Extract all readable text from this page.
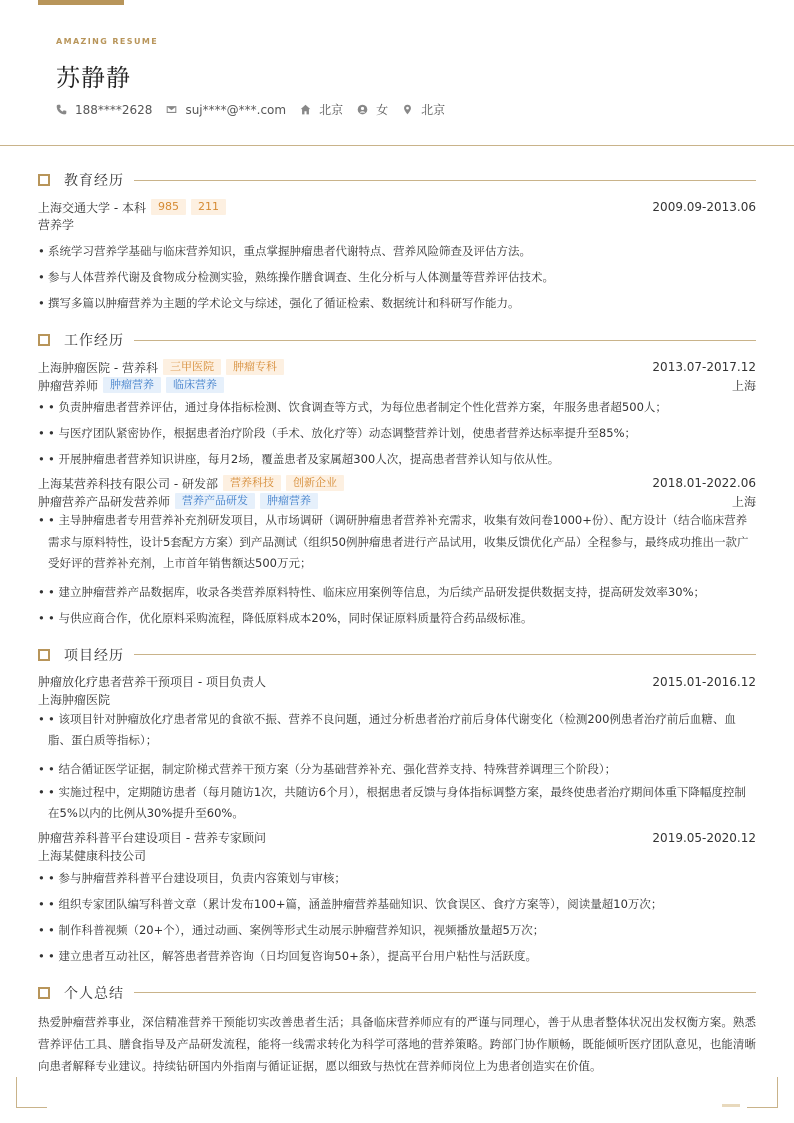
AMAZING RESUME
苏静静
188****2628	suj****@***.com	北京	女	北京
教育经历
上海交通大学 - 本科	985	211	2009.09-2013.06
营养学
• 系统学习营养学基础与临床营养知识，重点掌握肿瘤患者代谢特点、营养风险筛查及评估方法。
• 参与人体营养代谢及食物成分检测实验，熟练操作膳食调查、生化分析与人体测量等营养评估技术。
• 撰写多篇以肿瘤营养为主题的学术论文与综述，强化了循证检索、数据统计和科研写作能力。
工作经历
上海肿瘤医院 - 营养科	三甲医院	肿瘤专科	2013.07-2017.12
肿瘤营养师	肿瘤营养	临床营养	上海
• • 负责肿瘤患者营养评估，通过身体指标检测、饮食调查等方式，为每位患者制定个性化营养方案，年服务患者超500人；
• • 与医疗团队紧密协作，根据患者治疗阶段（手术、放化疗等）动态调整营养计划，使患者营养达标率提升至85%；
• • 开展肿瘤患者营养知识讲座，每月2场，覆盖患者及家属超300人次，提高患者营养认知与依从性。
上海某营养科技有限公司 - 研发部	营养科技	创新企业	2018.01-2022.06
肿瘤营养产品研发营养师	营养产品研发	肿瘤营养	上海
• • 主导肿瘤患者专用营养补充剂研发项目，从市场调研（调研肿瘤患者营养补充需求，收集有效问卷1000+份）、配方设计（结合临床营养需求与原料特性，设计5套配方方案）到产品测试（组织50例肿瘤患者进行产品试用，收集反馈优化产品）全程参与，最终成功推出一款广受好评的营养补充剂，上市首年销售额达500万元；
• • 建立肿瘤营养产品数据库，收录各类营养原料特性、临床应用案例等信息，为后续产品研发提供数据支持，提高研发效率30%；
• • 与供应商合作，优化原料采购流程，降低原料成本20%，同时保证原料质量符合药品级标准。
项目经历
肿瘤放化疗患者营养干预项目 - 项目负责人	2015.01-2016.12
上海肿瘤医院
• • 该项目针对肿瘤放化疗患者常见的食欲不振、营养不良问题，通过分析患者治疗前后身体代谢变化（检测200例患者治疗前后血糖、血脂、蛋白质等指标）；
• • 结合循证医学证据，制定阶梯式营养干预方案（分为基础营养补充、强化营养支持、特殊营养调理三个阶段）；
• • 实施过程中，定期随访患者（每月随访1次，共随访6个月），根据患者反馈与身体指标调整方案，最终使患者治疗期间体重下降幅度控制在5%以内的比例从30%提升至60%。
肿瘤营养科普平台建设项目 - 营养专家顾问	2019.05-2020.12
上海某健康科技公司
• • 参与肿瘤营养科普平台建设项目，负责内容策划与审核；
• • 组织专家团队编写科普文章（累计发布100+篇，涵盖肿瘤营养基础知识、饮食误区、食疗方案等），阅读量超10万次；
• • 制作科普视频（20+个），通过动画、案例等形式生动展示肿瘤营养知识，视频播放量超5万次；
• • 建立患者互动社区，解答患者营养咨询（日均回复咨询50+条），提高平台用户粘性与活跃度。
个人总结
热爱肿瘤营养事业，深信精准营养干预能切实改善患者生活；具备临床营养师应有的严谨与同理心，善于从患者整体状况出发权衡方案。熟悉营养评估工具、膳食指导及产品研发流程，能将一线需求转化为科学可落地的营养策略。跨部门协作顺畅，既能倾听医疗团队意见，也能清晰向患者解释专业建议。持续钻研国内外指南与循证证据，愿以细致与热忱在营养师岗位上为患者创造实在价值。
